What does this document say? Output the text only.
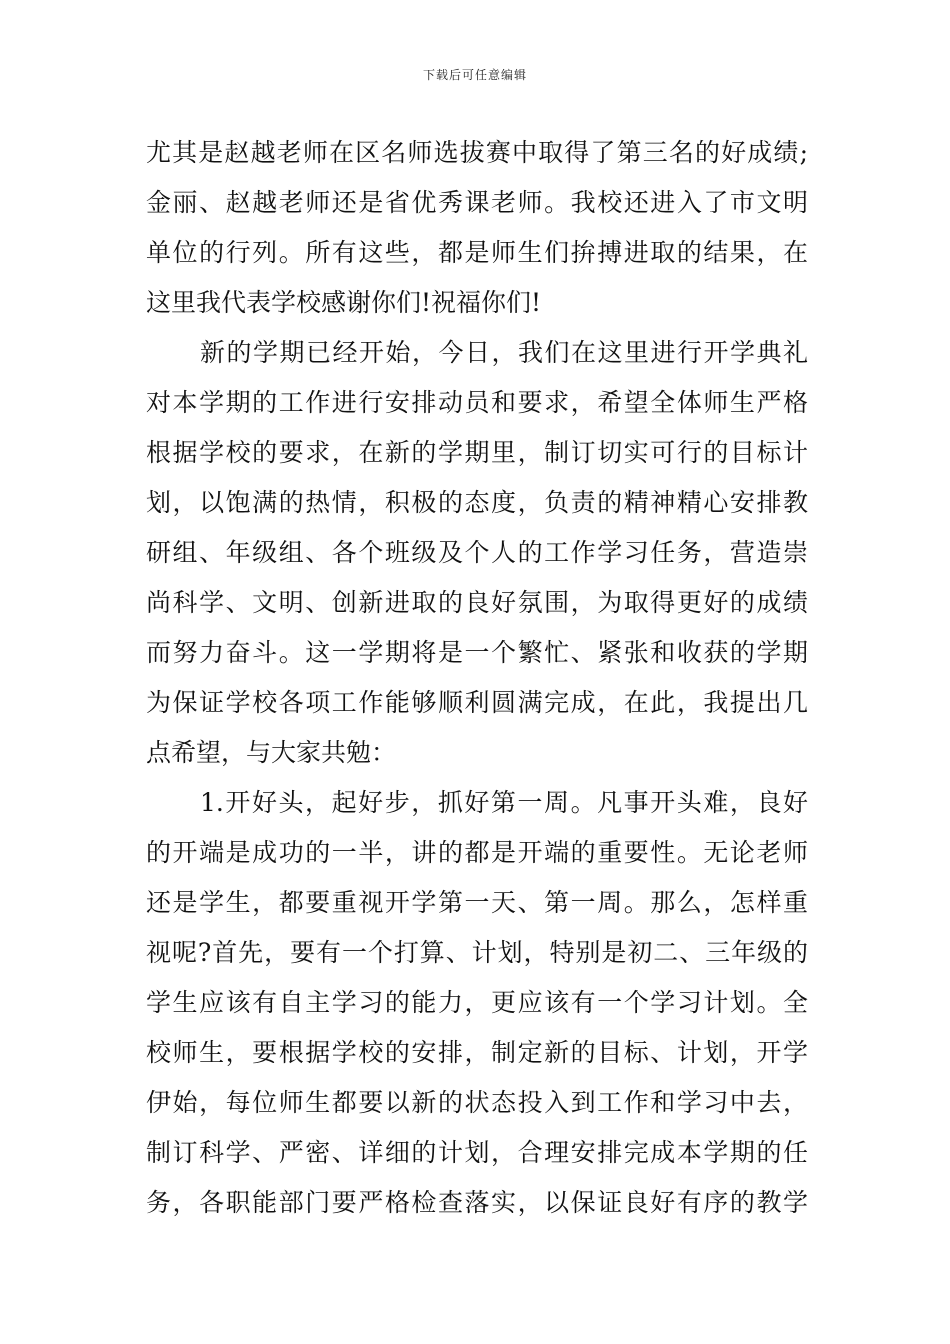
下载后可任意编辑
尤其是赵越老师在区名师选拔赛中取得了第三名的好成绩;
金丽、赵越老师还是省优秀课老师。我校还进入了市文明
单位的行列。所有这些，都是师生们拚搏进取的结果，在
这里我代表学校感谢你们!祝福你们!
新的学期已经开始，今日，我们在这里进行开学典礼
对本学期的工作进行安排动员和要求，希望全体师生严格
根据学校的要求，在新的学期里，制订切实可行的目标计
划，以饱满的热情，积极的态度，负责的精神精心安排教
研组、年级组、各个班级及个人的工作学习任务，营造崇
尚科学、文明、创新进取的良好氛围，为取得更好的成绩
而努力奋斗。这一学期将是一个繁忙、紧张和收获的学期
为保证学校各项工作能够顺利圆满完成，在此，我提出几
点希望，与大家共勉：
1.开好头，起好步，抓好第一周。凡事开头难，良好
的开端是成功的一半，讲的都是开端的重要性。无论老师
还是学生，都要重视开学第一天、第一周。那么，怎样重
视呢?首先，要有一个打算、计划，特别是初二、三年级的
学生应该有自主学习的能力，更应该有一个学习计划。全
校师生，要根据学校的安排，制定新的目标、计划，开学
伊始，每位师生都要以新的状态投入到工作和学习中去，
制订科学、严密、详细的计划，合理安排完成本学期的任
务，各职能部门要严格检查落实，以保证良好有序的教学
